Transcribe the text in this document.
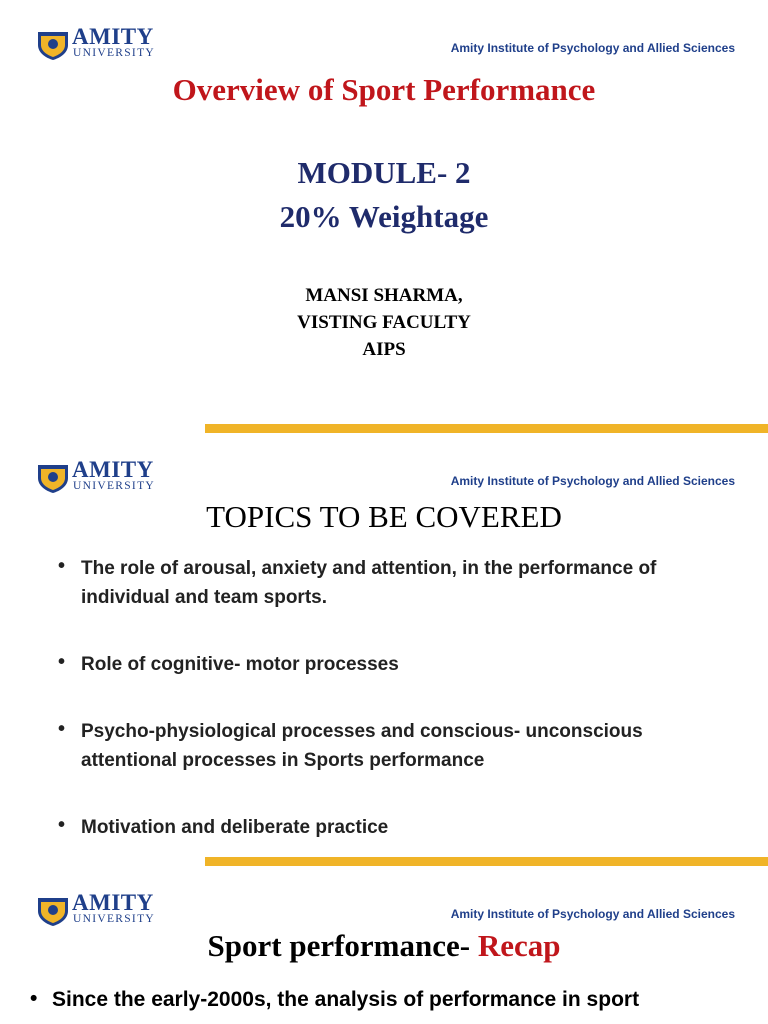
AMITY
UNIVERSITY	Amity Institute of Psychology and Allied Sciences
Overview of Sport Performance
MODULE- 2
20% Weightage
MANSI SHARMA,
VISTING FACULTY
AIPS
AMITY
UNIVERSITY	Amity Institute of Psychology and Allied Sciences
TOPICS TO BE COVERED
• The role of arousal, anxiety and attention, in the performance of individual and team sports.
• Role of cognitive- motor processes
• Psycho-physiological processes and conscious- unconscious attentional processes in Sports performance
• Motivation and deliberate practice
AMITY
UNIVERSITY	Amity Institute of Psychology and Allied Sciences
Sport performance- Recap
• Since the early-2000s, the analysis of performance in sport
